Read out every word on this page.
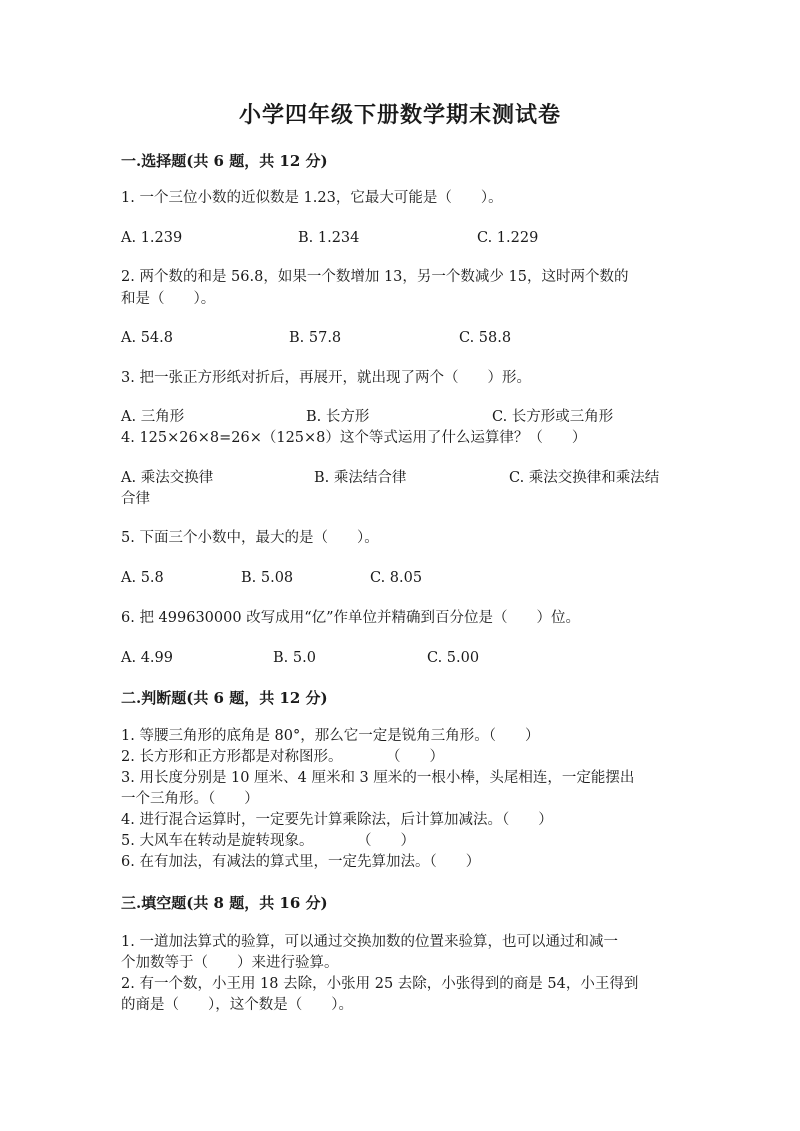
小学四年级下册数学期末测试卷
一.选择题(共 6 题，共 12 分)
1. 一个三位小数的近似数是 1.23，它最大可能是（　　）。
A. 1.239	B. 1.234	C. 1.229
2. 两个数的和是 56.8，如果一个数增加 13，另一个数减少 15，这时两个数的
和是（　　）。
A. 54.8	B. 57.8	C. 58.8
3. 把一张正方形纸对折后，再展开，就出现了两个（　　）形。
A. 三角形	B. 长方形	C. 长方形或三角形
4. 125×26×8=26×（125×8）这个等式运用了什么运算律？（　　）
A. 乘法交换律	B. 乘法结合律	C. 乘法交换律和乘法结
合律
5. 下面三个小数中，最大的是（　　）。
A. 5.8	B. 5.08	C. 8.05
6. 把 499630000 改写成用“亿”作单位并精确到百分位是（　　）位。
A. 4.99	B. 5.0	C. 5.00
二.判断题(共 6 题，共 12 分)
1. 等腰三角形的底角是 80°，那么它一定是锐角三角形。（　　）
2. 长方形和正方形都是对称图形。　　　　（　　）
3. 用长度分别是 10 厘米、4 厘米和 3 厘米的一根小棒，头尾相连，一定能摆出
一个三角形。（　　）
4. 进行混合运算时，一定要先计算乘除法，后计算加减法。（　　）
5. 大风车在转动是旋转现象。　　　　（　　）
6. 在有加法，有减法的算式里，一定先算加法。（　　）
三.填空题(共 8 题，共 16 分)
1. 一道加法算式的验算，可以通过交换加数的位置来验算，也可以通过和减一
个加数等于（　　）来进行验算。
2. 有一个数，小王用 18 去除，小张用 25 去除，小张得到的商是 54，小王得到
的商是（　　），这个数是（　　）。
